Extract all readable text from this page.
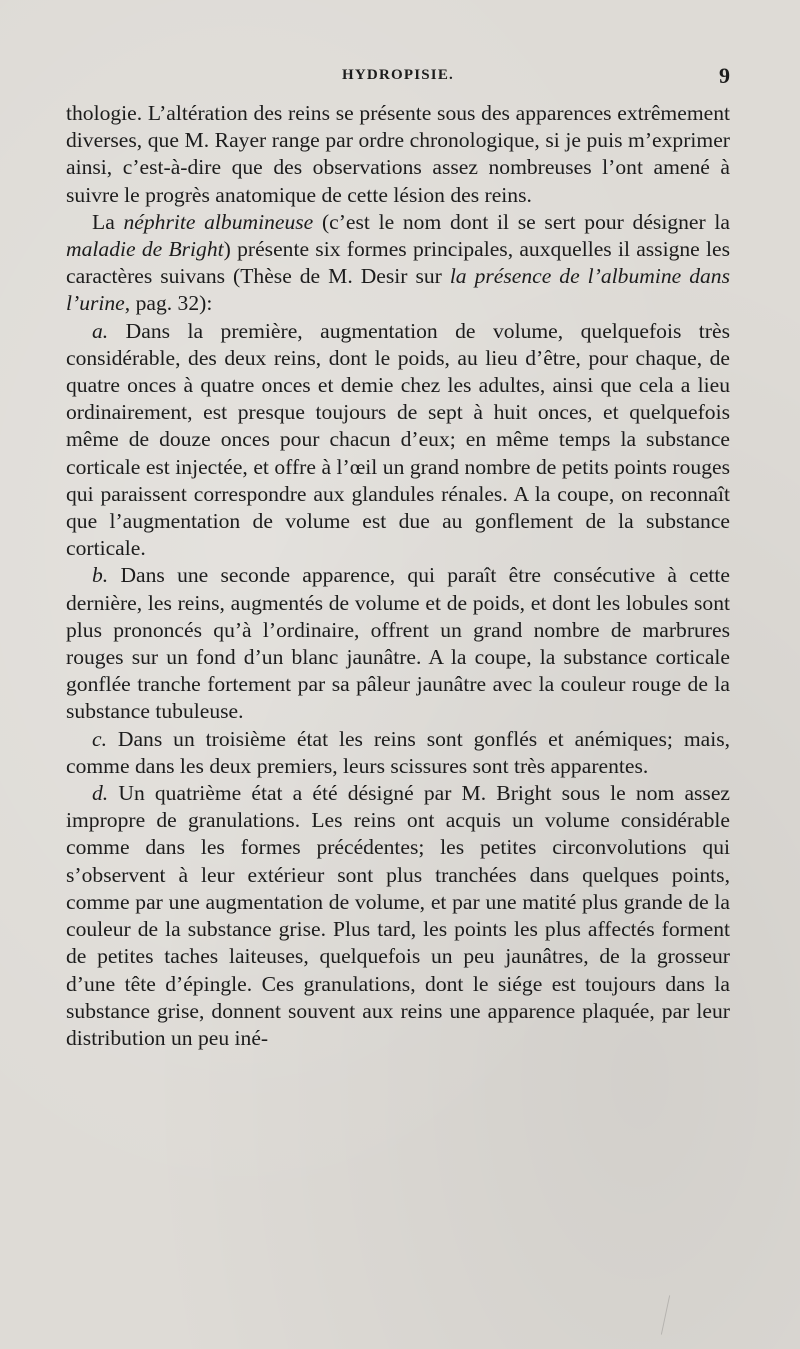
HYDROPISIE.	9

thologie. L’altération des reins se présente sous des apparences extrêmement diverses, que M. Rayer range par ordre chronologique, si je puis m’exprimer ainsi, c’est-à-dire que des observations assez nombreuses l’ont amené à suivre le progrès anatomique de cette lésion des reins.

La néphrite albumineuse (c’est le nom dont il se sert pour désigner la maladie de Bright) présente six formes principales, auxquelles il assigne les caractères suivans (Thèse de M. Desir sur la présence de l’albumine dans l’urine, pag. 32):

a. Dans la première, augmentation de volume, quelquefois très considérable, des deux reins, dont le poids, au lieu d’être, pour chaque, de quatre onces à quatre onces et demie chez les adultes, ainsi que cela a lieu ordinairement, est presque toujours de sept à huit onces, et quelquefois même de douze onces pour chacun d’eux; en même temps la substance corticale est injectée, et offre à l’œil un grand nombre de petits points rouges qui paraissent correspondre aux glandules rénales. A la coupe, on reconnaît que l’augmentation de volume est due au gonflement de la substance corticale.

b. Dans une seconde apparence, qui paraît être consécutive à cette dernière, les reins, augmentés de volume et de poids, et dont les lobules sont plus prononcés qu’à l’ordinaire, offrent un grand nombre de marbrures rouges sur un fond d’un blanc jaunâtre. A la coupe, la substance corticale gonflée tranche fortement par sa pâleur jaunâtre avec la couleur rouge de la substance tubuleuse.

c. Dans un troisième état les reins sont gonflés et anémiques; mais, comme dans les deux premiers, leurs scissures sont très apparentes.

d. Un quatrième état a été désigné par M. Bright sous le nom assez impropre de granulations. Les reins ont acquis un volume considérable comme dans les formes précédentes; les petites circonvolutions qui s’observent à leur extérieur sont plus tranchées dans quelques points, comme par une augmentation de volume, et par une matité plus grande de la couleur de la substance grise. Plus tard, les points les plus affectés forment de petites taches laiteuses, quelquefois un peu jaunâtres, de la grosseur d’une tête d’épingle. Ces granulations, dont le siége est toujours dans la substance grise, donnent souvent aux reins une apparence plaquée, par leur distribution un peu iné-
